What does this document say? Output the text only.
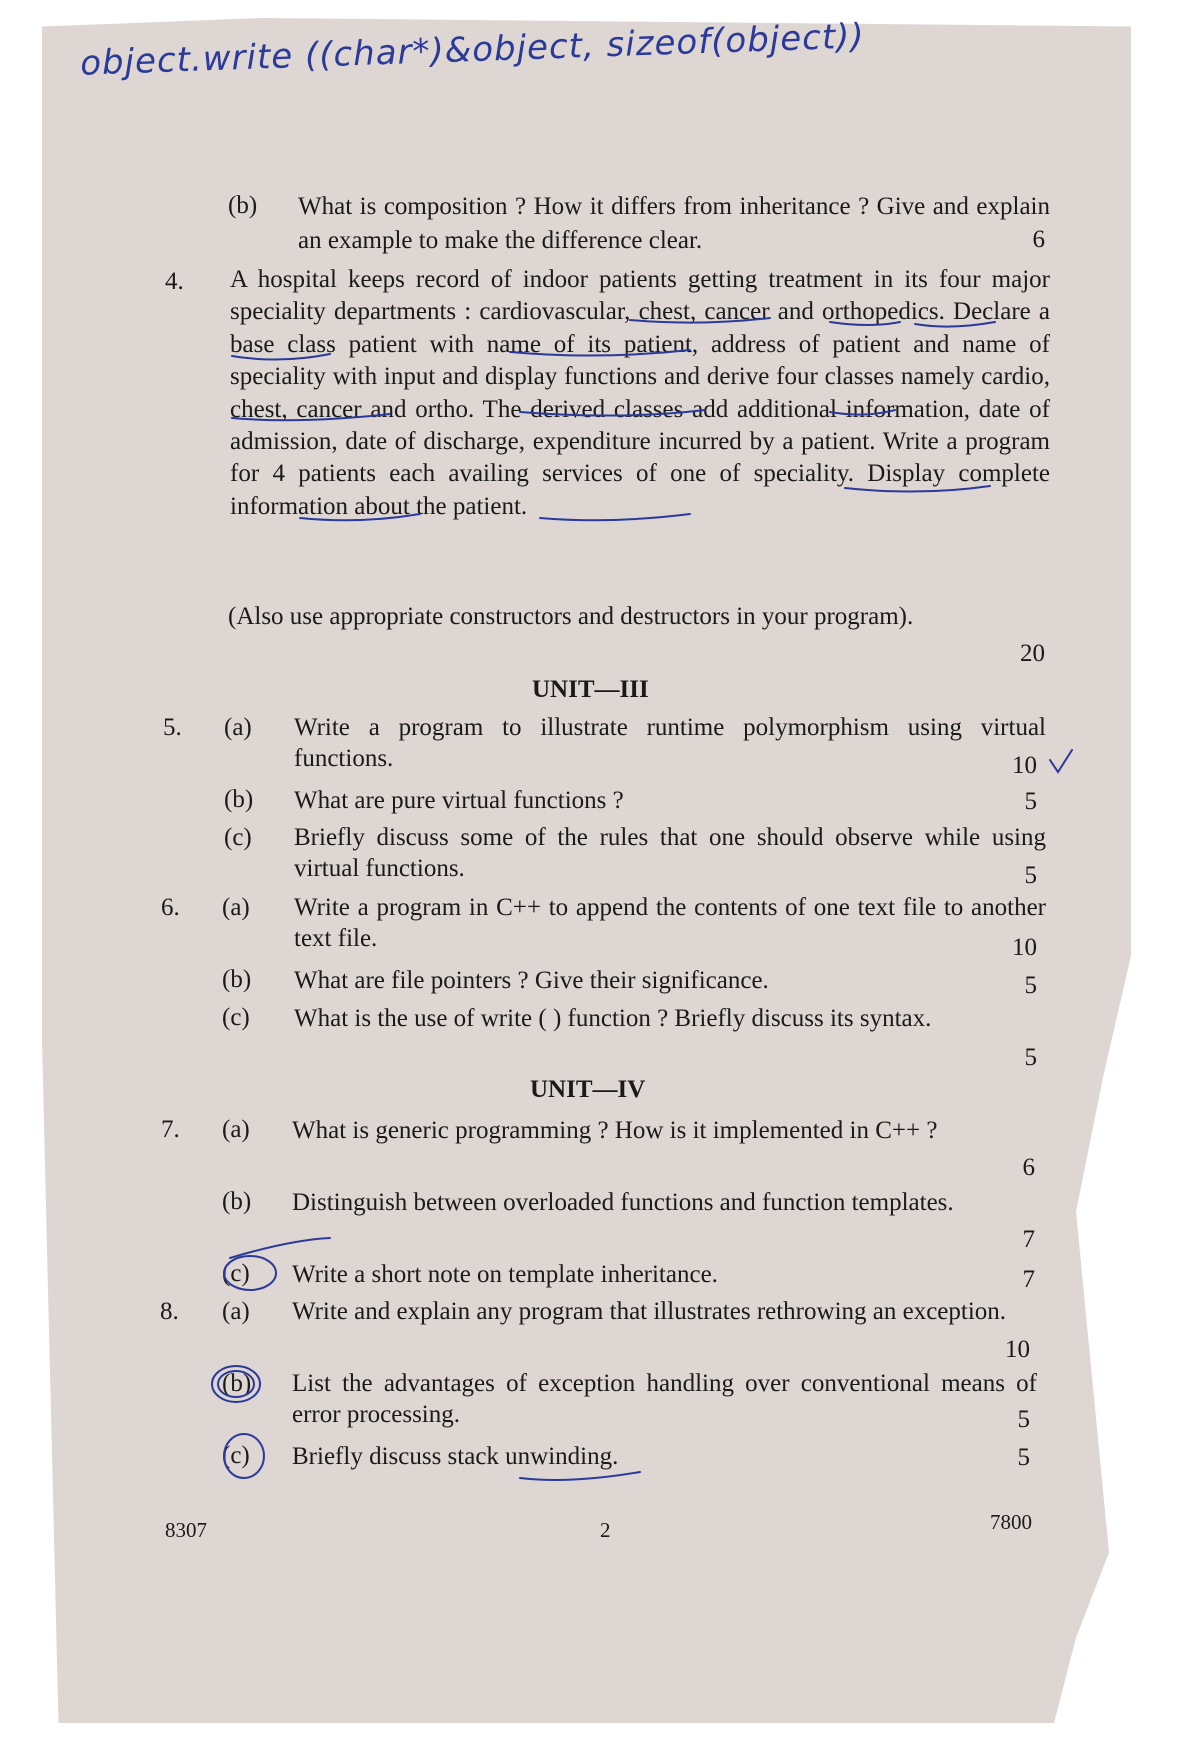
object.write ((char*)&object, sizeof(object))
(b) What is composition ? How it differs from inheritance ? Give and explain an example to make the difference clear.	6
4. A hospital keeps record of indoor patients getting treatment in its four major speciality departments : cardiovascular, chest, cancer and orthopedics. Declare a base class patient with name of its patient, address of patient and name of speciality with input and display functions and derive four classes namely cardio, chest, cancer and ortho. The derived classes add additional information, date of admission, date of discharge, expenditure incurred by a patient. Write a program for 4 patients each availing services of one of speciality. Display complete information about the patient.
(Also use appropriate constructors and destructors in your program).
20
UNIT—III
5. (a) Write a program to illustrate runtime polymorphism using virtual functions.	10
(b) What are pure virtual functions ?	5
(c) Briefly discuss some of the rules that one should observe while using virtual functions.	5
6. (a) Write a program in C++ to append the contents of one text file to another text file.	10
(b) What are file pointers ? Give their significance.	5
(c) What is the use of write ( ) function ? Briefly discuss its syntax.
5
UNIT—IV
7. (a) What is generic programming ? How is it implemented in C++ ?
6
(b) Distinguish between overloaded functions and function templates.
7
(c) Write a short note on template inheritance.	7
8. (a) Write and explain any program that illustrates rethrowing an exception.
10
(b) List the advantages of exception handling over conventional means of error processing.	5
(c) Briefly discuss stack unwinding.	5
8307	2	7800
